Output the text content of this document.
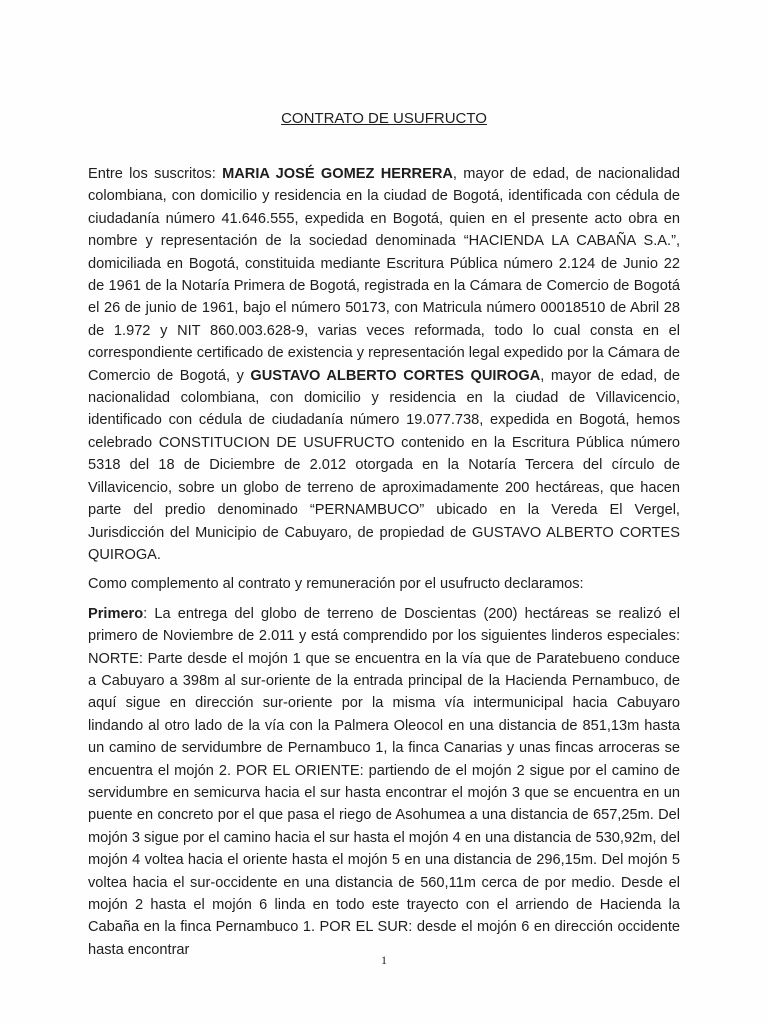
CONTRATO DE USUFRUCTO

Entre los suscritos: MARIA JOSÉ GOMEZ HERRERA, mayor de edad, de nacionalidad colombiana, con domicilio y residencia en la ciudad de Bogotá, identificada con cédula de ciudadanía número 41.646.555, expedida en Bogotá, quien en el presente acto obra en nombre y representación de la sociedad denominada “HACIENDA LA CABAÑA S.A.”, domiciliada en Bogotá, constituida mediante Escritura Pública número 2.124 de Junio 22 de 1961 de la Notaría Primera de Bogotá, registrada en la Cámara de Comercio de Bogotá el 26 de junio de 1961, bajo el número 50173, con Matricula número 00018510 de Abril 28 de 1.972 y NIT 860.003.628-9, varias veces reformada, todo lo cual consta en el correspondiente certificado de existencia y representación legal expedido por la Cámara de Comercio de Bogotá, y GUSTAVO ALBERTO CORTES QUIROGA, mayor de edad, de nacionalidad colombiana, con domicilio y residencia en la ciudad de Villavicencio, identificado con cédula de ciudadanía número 19.077.738, expedida en Bogotá, hemos celebrado CONSTITUCION DE USUFRUCTO contenido en la Escritura Pública número 5318 del 18 de Diciembre de 2.012 otorgada en la Notaría Tercera del círculo de Villavicencio, sobre un globo de terreno de aproximadamente 200 hectáreas, que hacen parte del predio denominado “PERNAMBUCO” ubicado en la Vereda El Vergel, Jurisdicción del Municipio de Cabuyaro, de propiedad de GUSTAVO ALBERTO CORTES QUIROGA.

Como complemento al contrato y remuneración por el usufructo declaramos:

Primero: La entrega del globo de terreno de Doscientas (200) hectáreas se realizó el primero de Noviembre de 2.011 y está comprendido por los siguientes linderos especiales: NORTE: Parte desde el mojón 1 que se encuentra en la vía que de Paratebueno conduce a Cabuyaro a 398m al sur-oriente de la entrada principal de la Hacienda Pernambuco, de aquí sigue en dirección sur-oriente por la misma vía intermunicipal hacia Cabuyaro lindando al otro lado de la vía con la Palmera Oleocol en una distancia de 851,13m hasta un camino de servidumbre de Pernambuco 1, la finca Canarias y unas fincas arroceras se encuentra el mojón 2. POR EL ORIENTE: partiendo de el mojón 2 sigue por el camino de servidumbre en semicurva hacia el sur hasta encontrar el mojón 3 que se encuentra en un puente en concreto por el que pasa el riego de Asohumea a una distancia de 657,25m. Del mojón 3 sigue por el camino hacia el sur hasta el mojón 4 en una distancia de 530,92m, del mojón 4 voltea hacia el oriente hasta el mojón 5 en una distancia de 296,15m. Del mojón 5 voltea hacia el sur-occidente en una distancia de 560,11m cerca de por medio. Desde el mojón 2 hasta el mojón 6 linda en todo este trayecto con el arriendo de Hacienda la Cabaña en la finca Pernambuco 1. POR EL SUR: desde el mojón 6 en dirección occidente hasta encontrar

1
